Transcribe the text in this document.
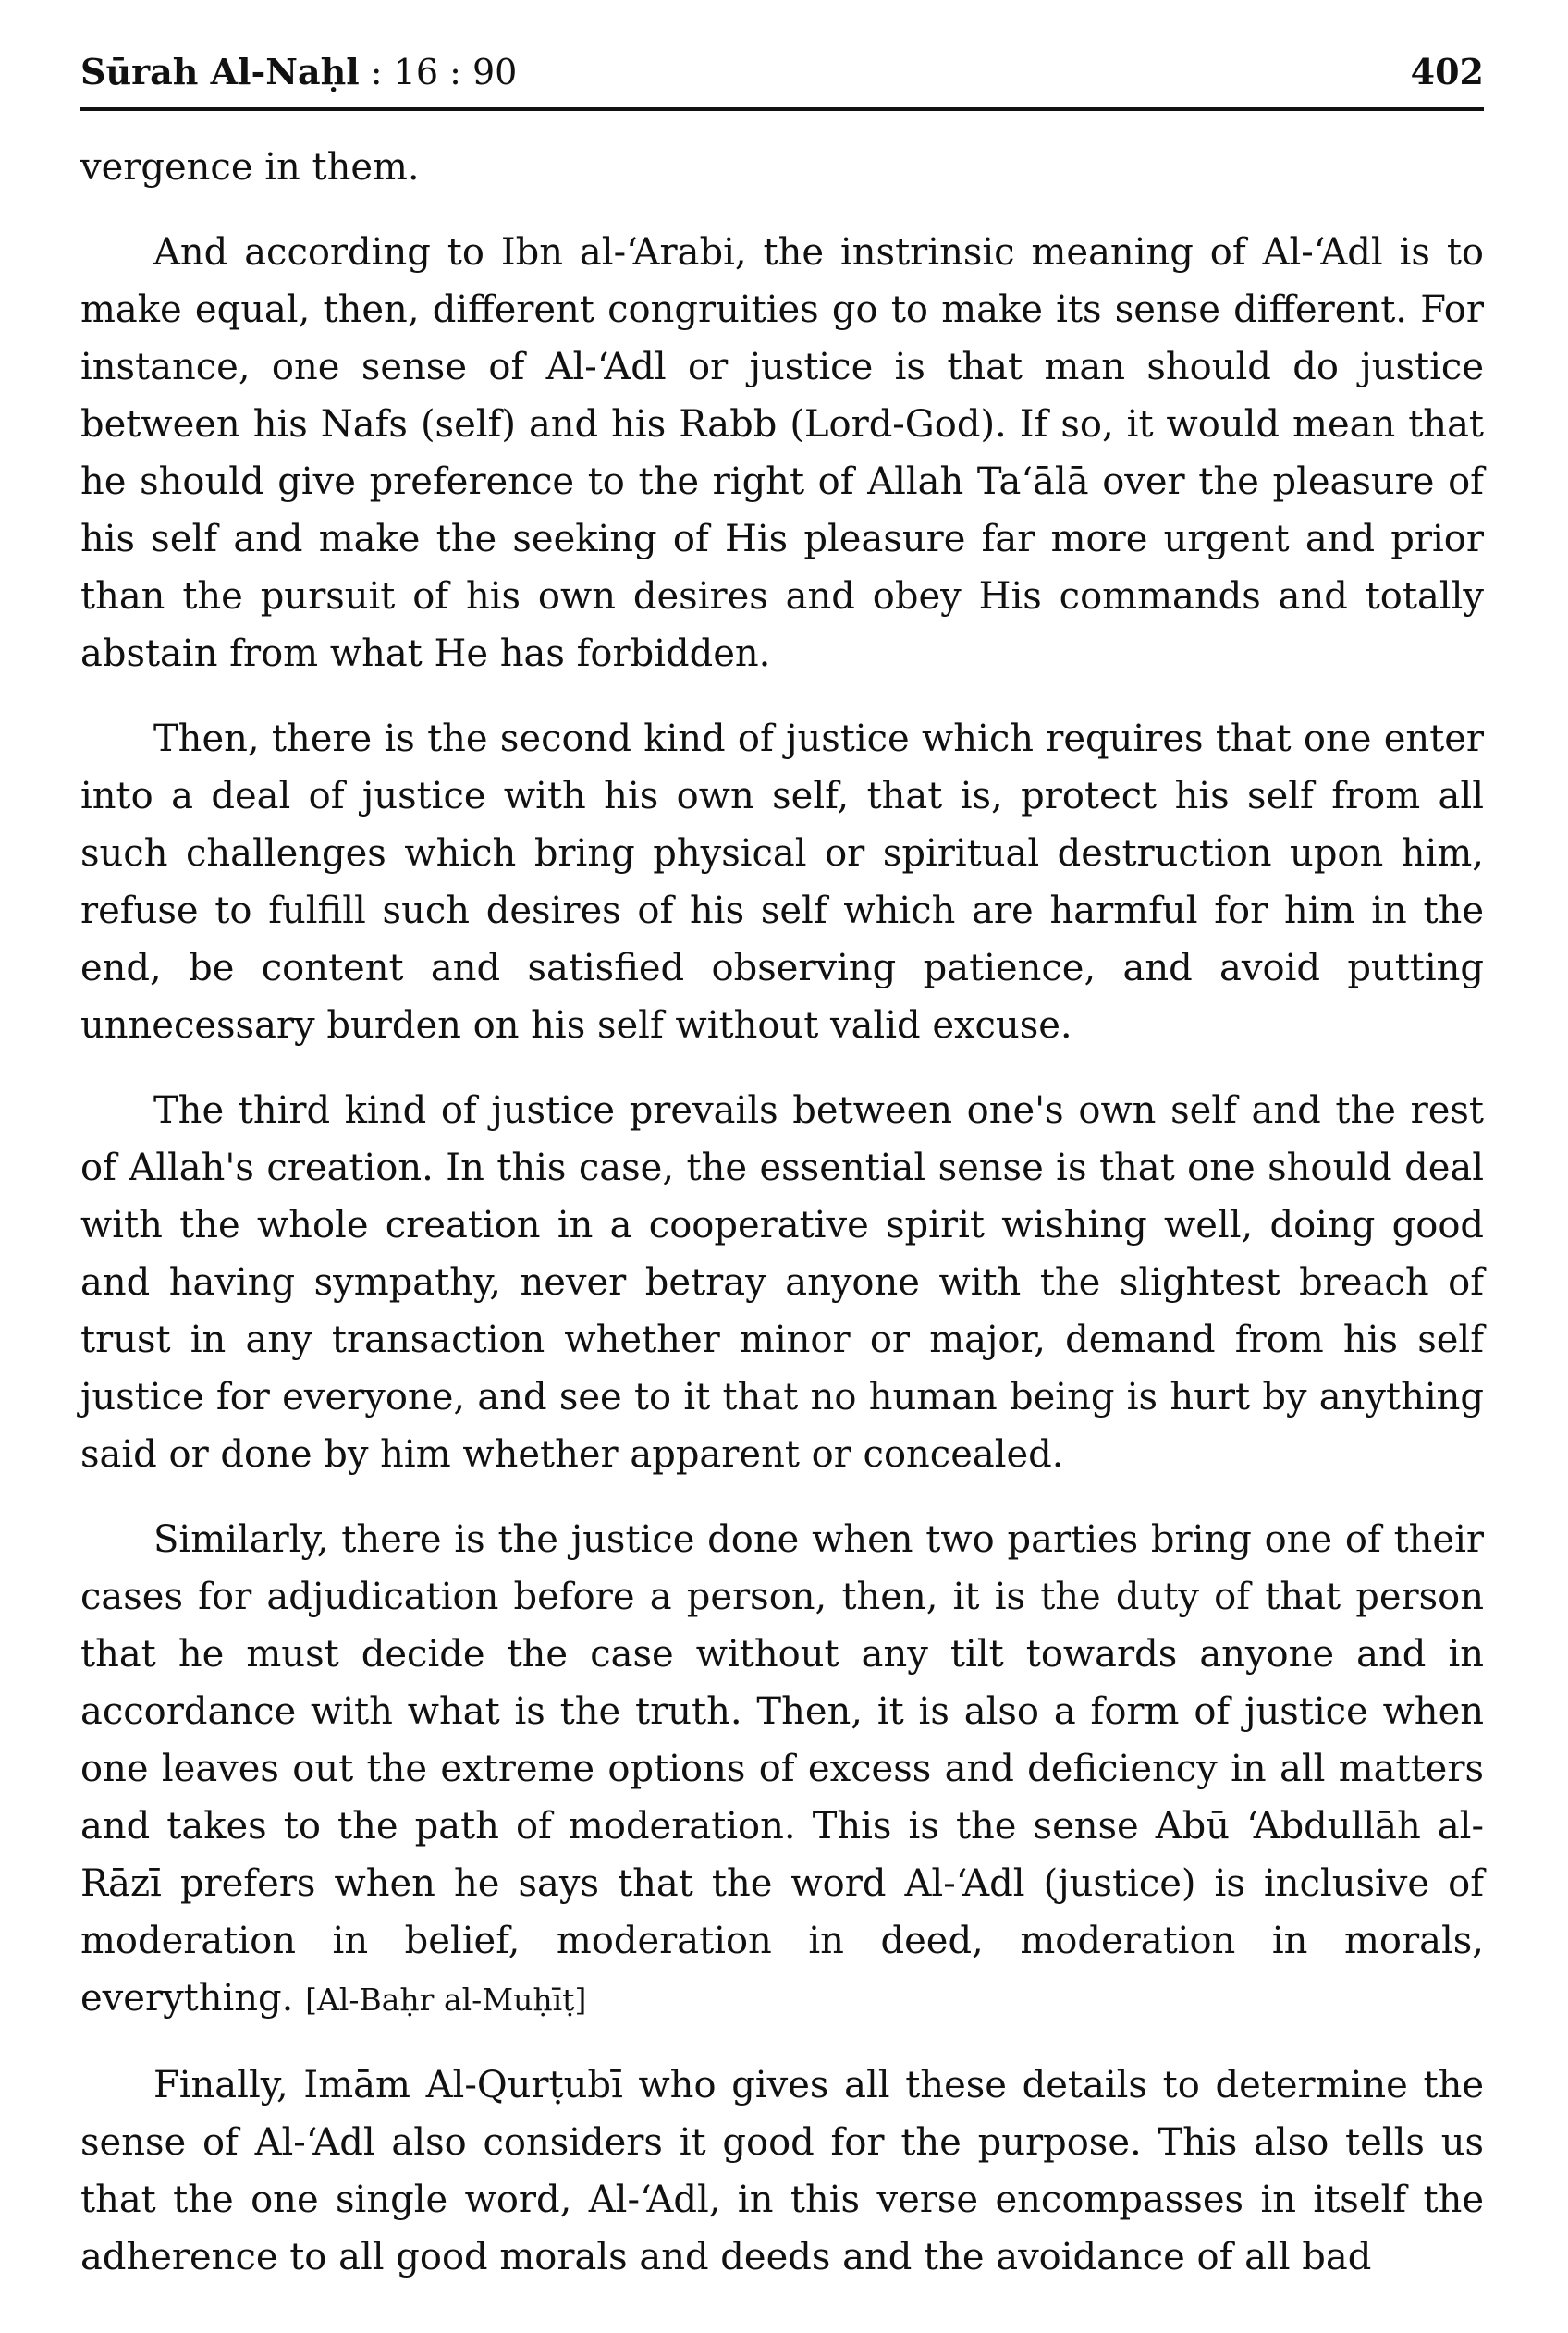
Sūrah Al-Naḥl : 16 : 90	402

vergence in them.

And according to Ibn al-‘Arabi, the instrinsic meaning of Al-‘Adl is to make equal, then, different congruities go to make its sense different. For instance, one sense of Al-‘Adl or justice is that man should do justice between his Nafs (self) and his Rabb (Lord-God). If so, it would mean that he should give preference to the right of Allah Ta‘ālā over the pleasure of his self and make the seeking of His pleasure far more urgent and prior than the pursuit of his own desires and obey His commands and totally abstain from what He has forbidden.

Then, there is the second kind of justice which requires that one enter into a deal of justice with his own self, that is, protect his self from all such challenges which bring physical or spiritual destruction upon him, refuse to fulfill such desires of his self which are harmful for him in the end, be content and satisfied observing patience, and avoid putting unnecessary burden on his self without valid excuse.

The third kind of justice prevails between one's own self and the rest of Allah's creation. In this case, the essential sense is that one should deal with the whole creation in a cooperative spirit wishing well, doing good and having sympathy, never betray anyone with the slightest breach of trust in any transaction whether minor or major, demand from his self justice for everyone, and see to it that no human being is hurt by anything said or done by him whether apparent or concealed.

Similarly, there is the justice done when two parties bring one of their cases for adjudication before a person, then, it is the duty of that person that he must decide the case without any tilt towards anyone and in accordance with what is the truth. Then, it is also a form of justice when one leaves out the extreme options of excess and deficiency in all matters and takes to the path of moderation. This is the sense Abū ‘Abdullāh al-Rāzī prefers when he says that the word Al-‘Adl (justice) is inclusive of moderation in belief, moderation in deed, moderation in morals, everything. [Al-Baḥr al-Muḥīṭ]

Finally, Imām Al-Qurṭubī who gives all these details to determine the sense of Al-‘Adl also considers it good for the purpose. This also tells us that the one single word, Al-‘Adl, in this verse encompasses in itself the adherence to all good morals and deeds and the avoidance of all bad
